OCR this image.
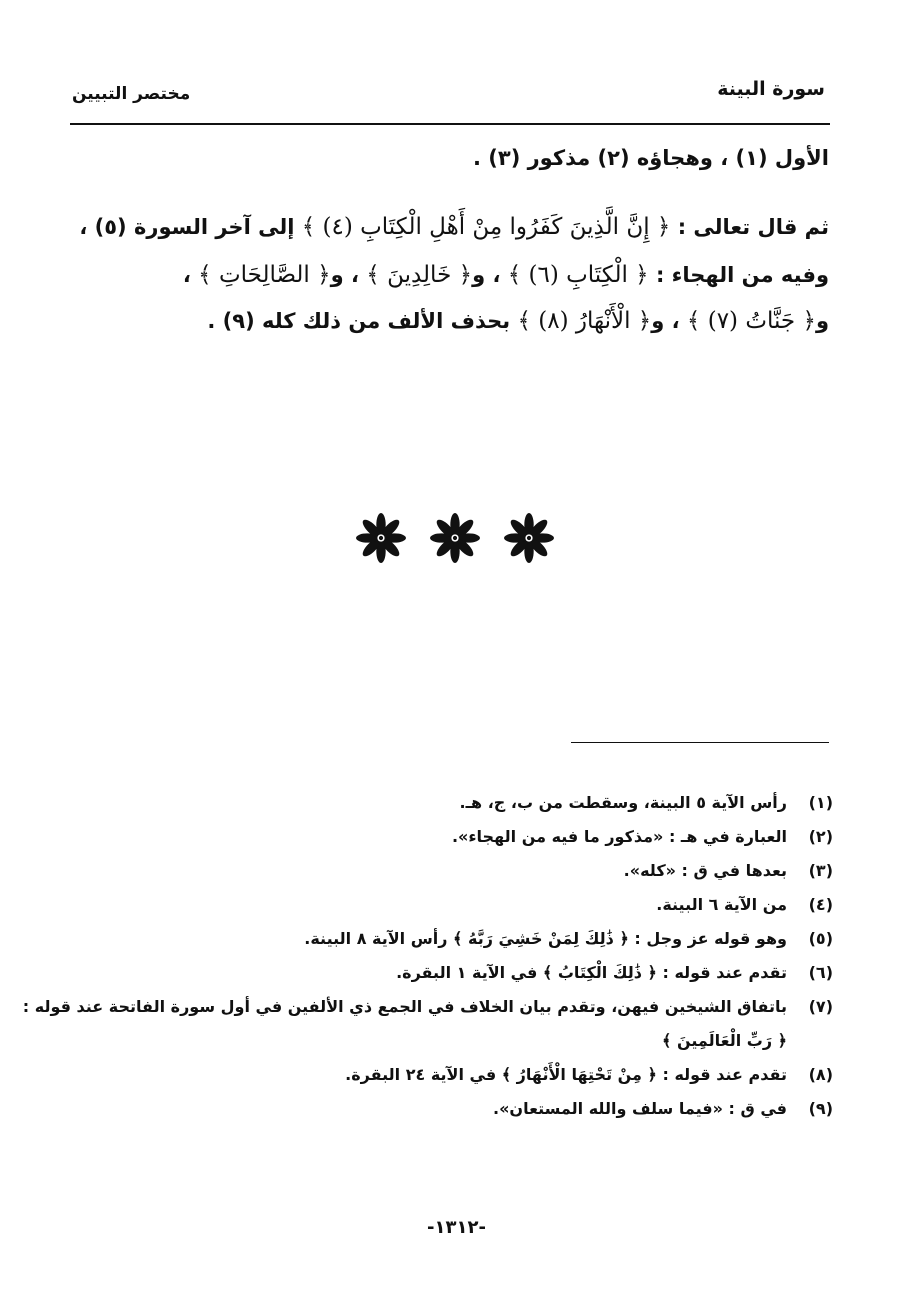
سورة البينة
مختصر التبيين
الأول (١) ، وهجاؤه (٢) مذكور (٣) .
ثم قال تعالى : ﴿ إِنَّ الَّذِينَ كَفَرُوا مِنْ أَهْلِ الْكِتَابِ (٤) ﴾ إلى آخر السورة (٥) ،
وفيه من الهجاء : ﴿ الْكِتَابِ (٦) ﴾ ، و﴿ خَالِدِينَ ﴾ ، و﴿ الصَّالِحَاتِ ﴾ ،
و﴿ جَنَّاتُ (٧) ﴾ ، و﴿ الْأَنْهَارُ (٨) ﴾ بحذف الألف من ذلك كله (٩) .
(١)
رأس الآية ٥ البينة، وسقطت من ب، ج، هـ.
(٢)
العبارة في هـ : «مذكور ما فيه من الهجاء».
(٣)
بعدها في ق : «كله».
(٤)
من الآية ٦ البينة.
(٥)
وهو قوله عز وجل : ﴿ ذَٰلِكَ لِمَنْ خَشِيَ رَبَّهُ ﴾ رأس الآية ٨ البينة.
(٦)
تقدم عند قوله : ﴿ ذَٰلِكَ الْكِتَابُ ﴾ في الآية ١ البقرة.
(٧)
باتفاق الشيخين فيهن، وتقدم بيان الخلاف في الجمع ذي الألفين في أول سورة الفاتحة عند قوله :
﴿ رَبِّ الْعَالَمِينَ ﴾
(٨)
تقدم عند قوله : ﴿ مِنْ تَحْتِهَا الْأَنْهَارُ ﴾ في الآية ٢٤ البقرة.
(٩)
في ق : «فيما سلف والله المستعان».
-١٣١٢-
